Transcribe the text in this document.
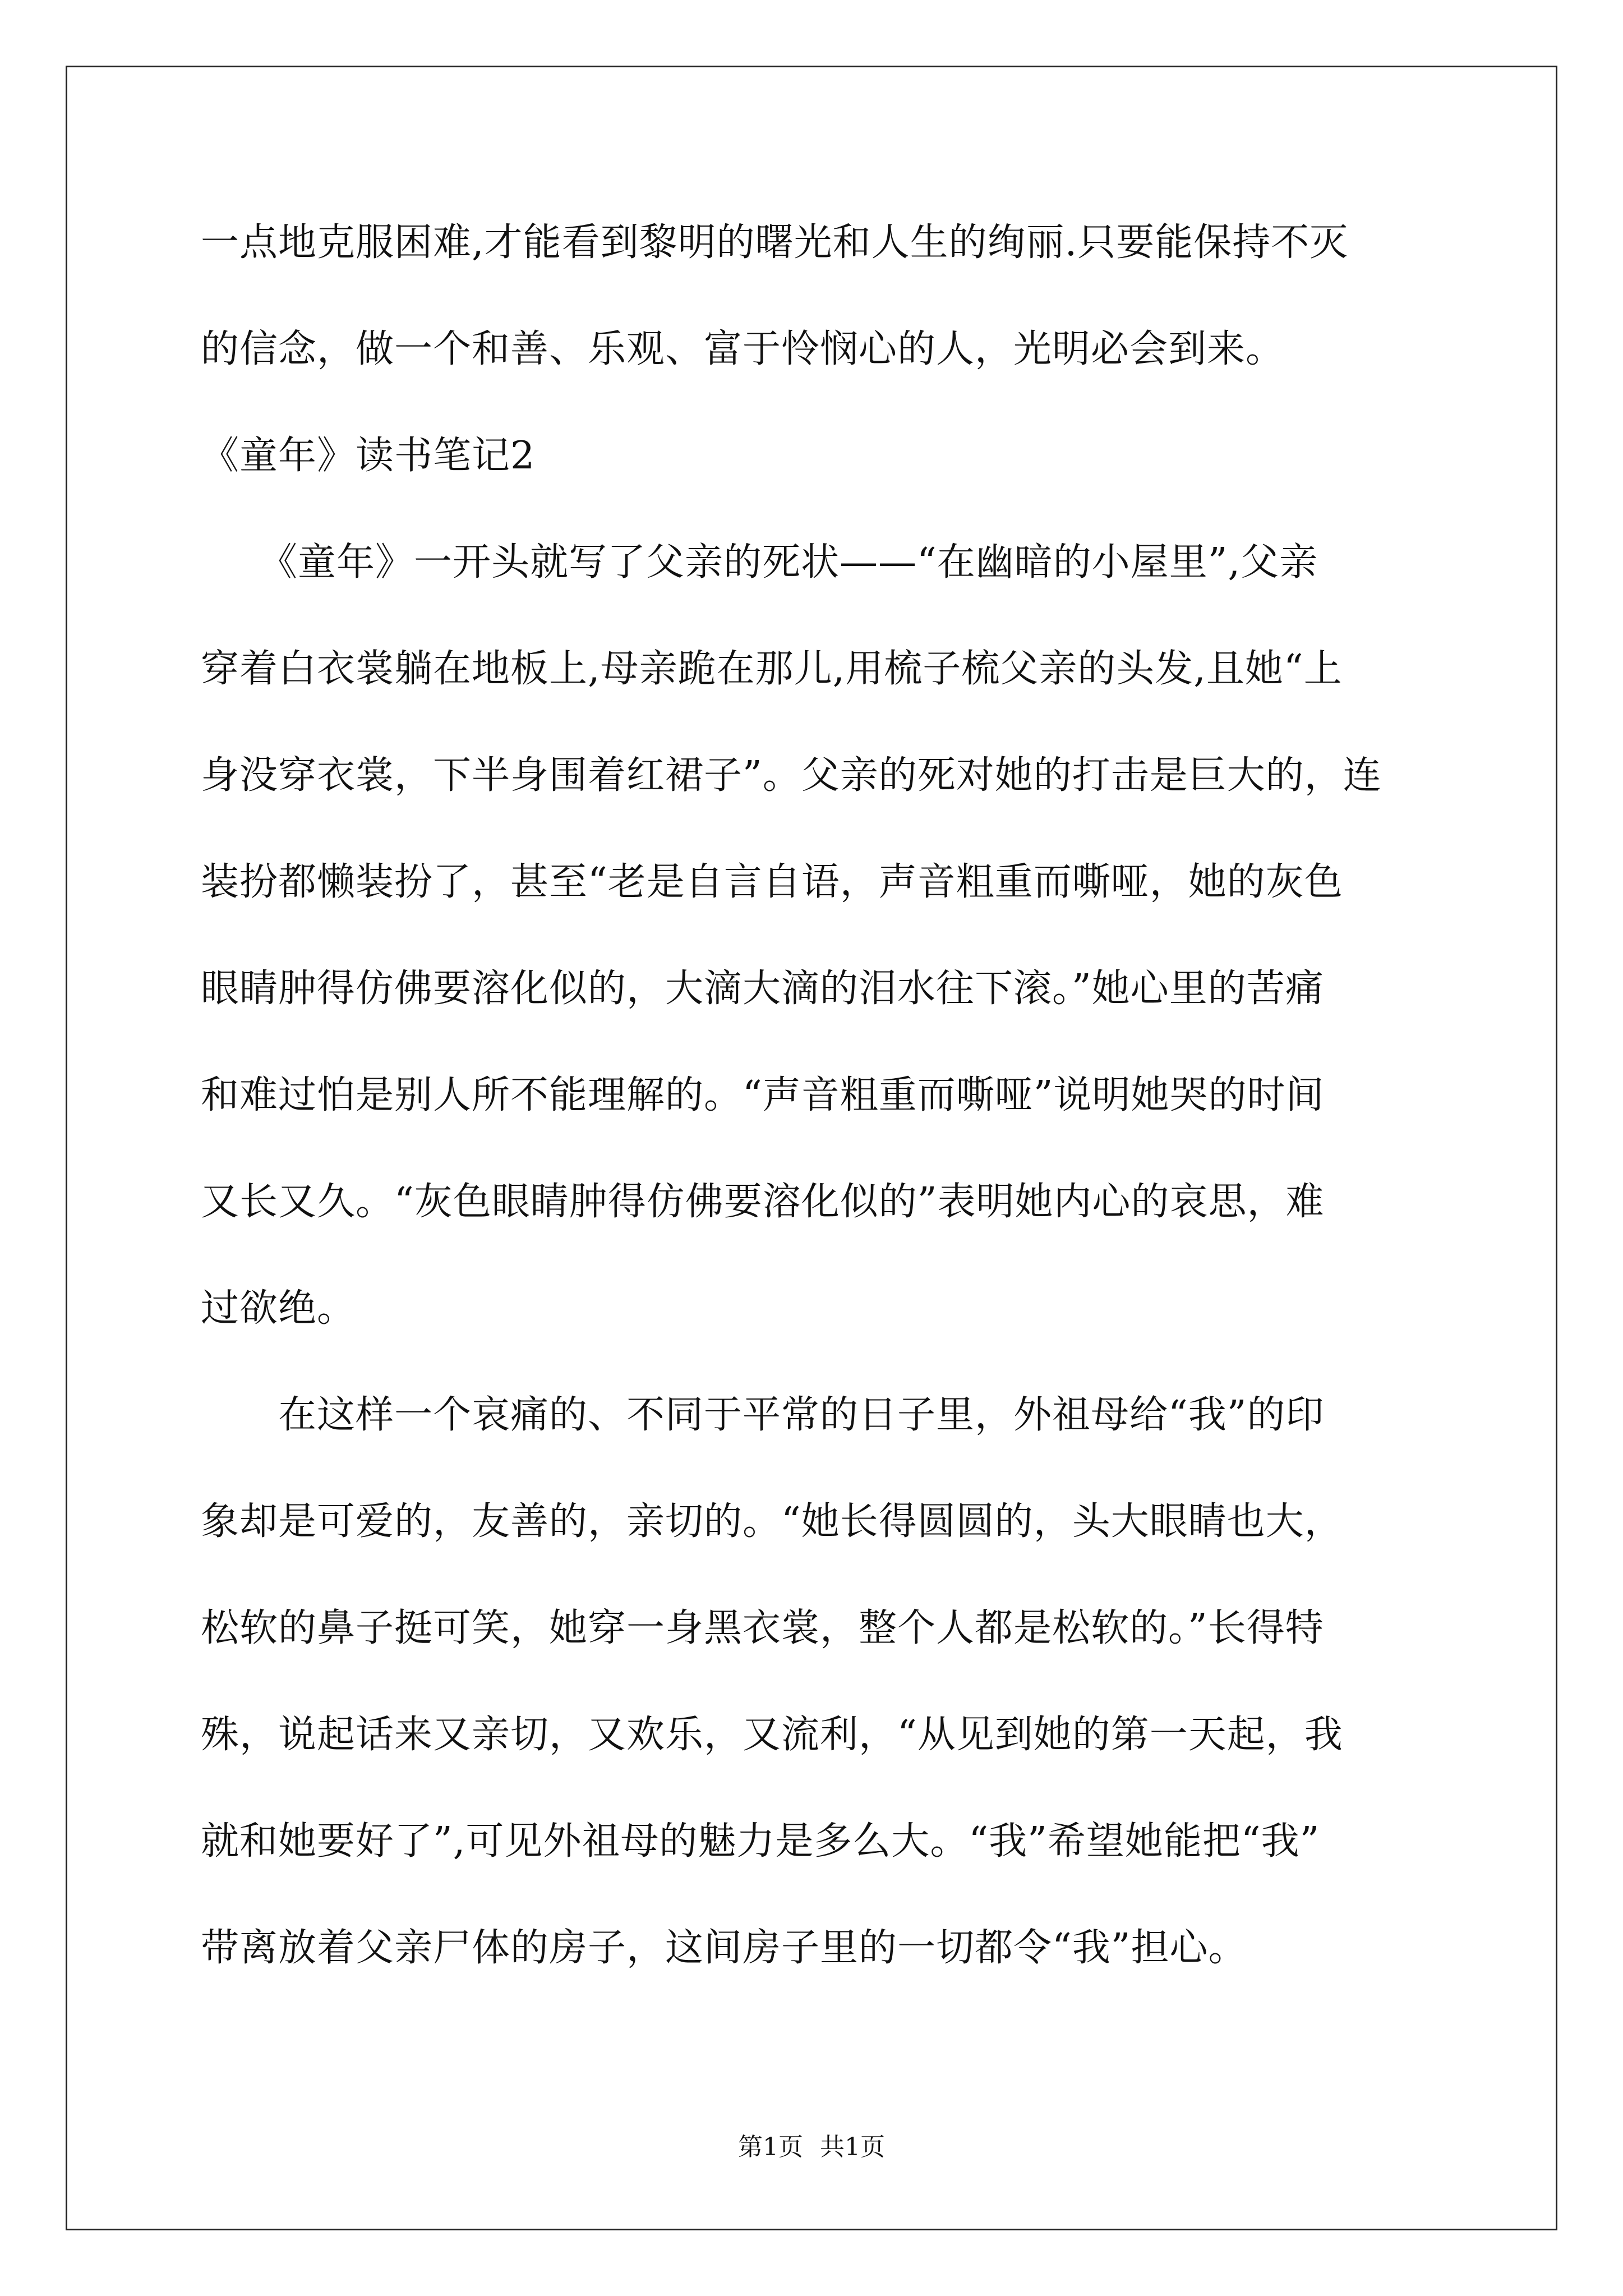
一点地克服困难,才能看到黎明的曙光和人生的绚丽.只要能保持不灭
的信念，做一个和善、乐观、富于怜悯心的人，光明必会到来。
《童年》读书笔记2
　　《童年》一开头就写了父亲的死状——“在幽暗的小屋里”,父亲
穿着白衣裳躺在地板上,母亲跪在那儿,用梳子梳父亲的头发,且她“上
身没穿衣裳，下半身围着红裙子”。父亲的死对她的打击是巨大的，连
装扮都懒装扮了，甚至“老是自言自语，声音粗重而嘶哑，她的灰色
眼睛肿得仿佛要溶化似的，大滴大滴的泪水往下滚。”她心里的苦痛
和难过怕是别人所不能理解的。“声音粗重而嘶哑”说明她哭的时间
又长又久。“灰色眼睛肿得仿佛要溶化似的”表明她内心的哀思，难
过欲绝。
　　在这样一个哀痛的、不同于平常的日子里，外祖母给“我”的印
象却是可爱的，友善的，亲切的。“她长得圆圆的，头大眼睛也大，
松软的鼻子挺可笑，她穿一身黑衣裳，整个人都是松软的。”长得特
殊，说起话来又亲切，又欢乐，又流利，“从见到她的第一天起，我
就和她要好了”,可见外祖母的魅力是多么大。“我”希望她能把“我”
带离放着父亲尸体的房子，这间房子里的一切都令“我”担心。
第1页 共1页
